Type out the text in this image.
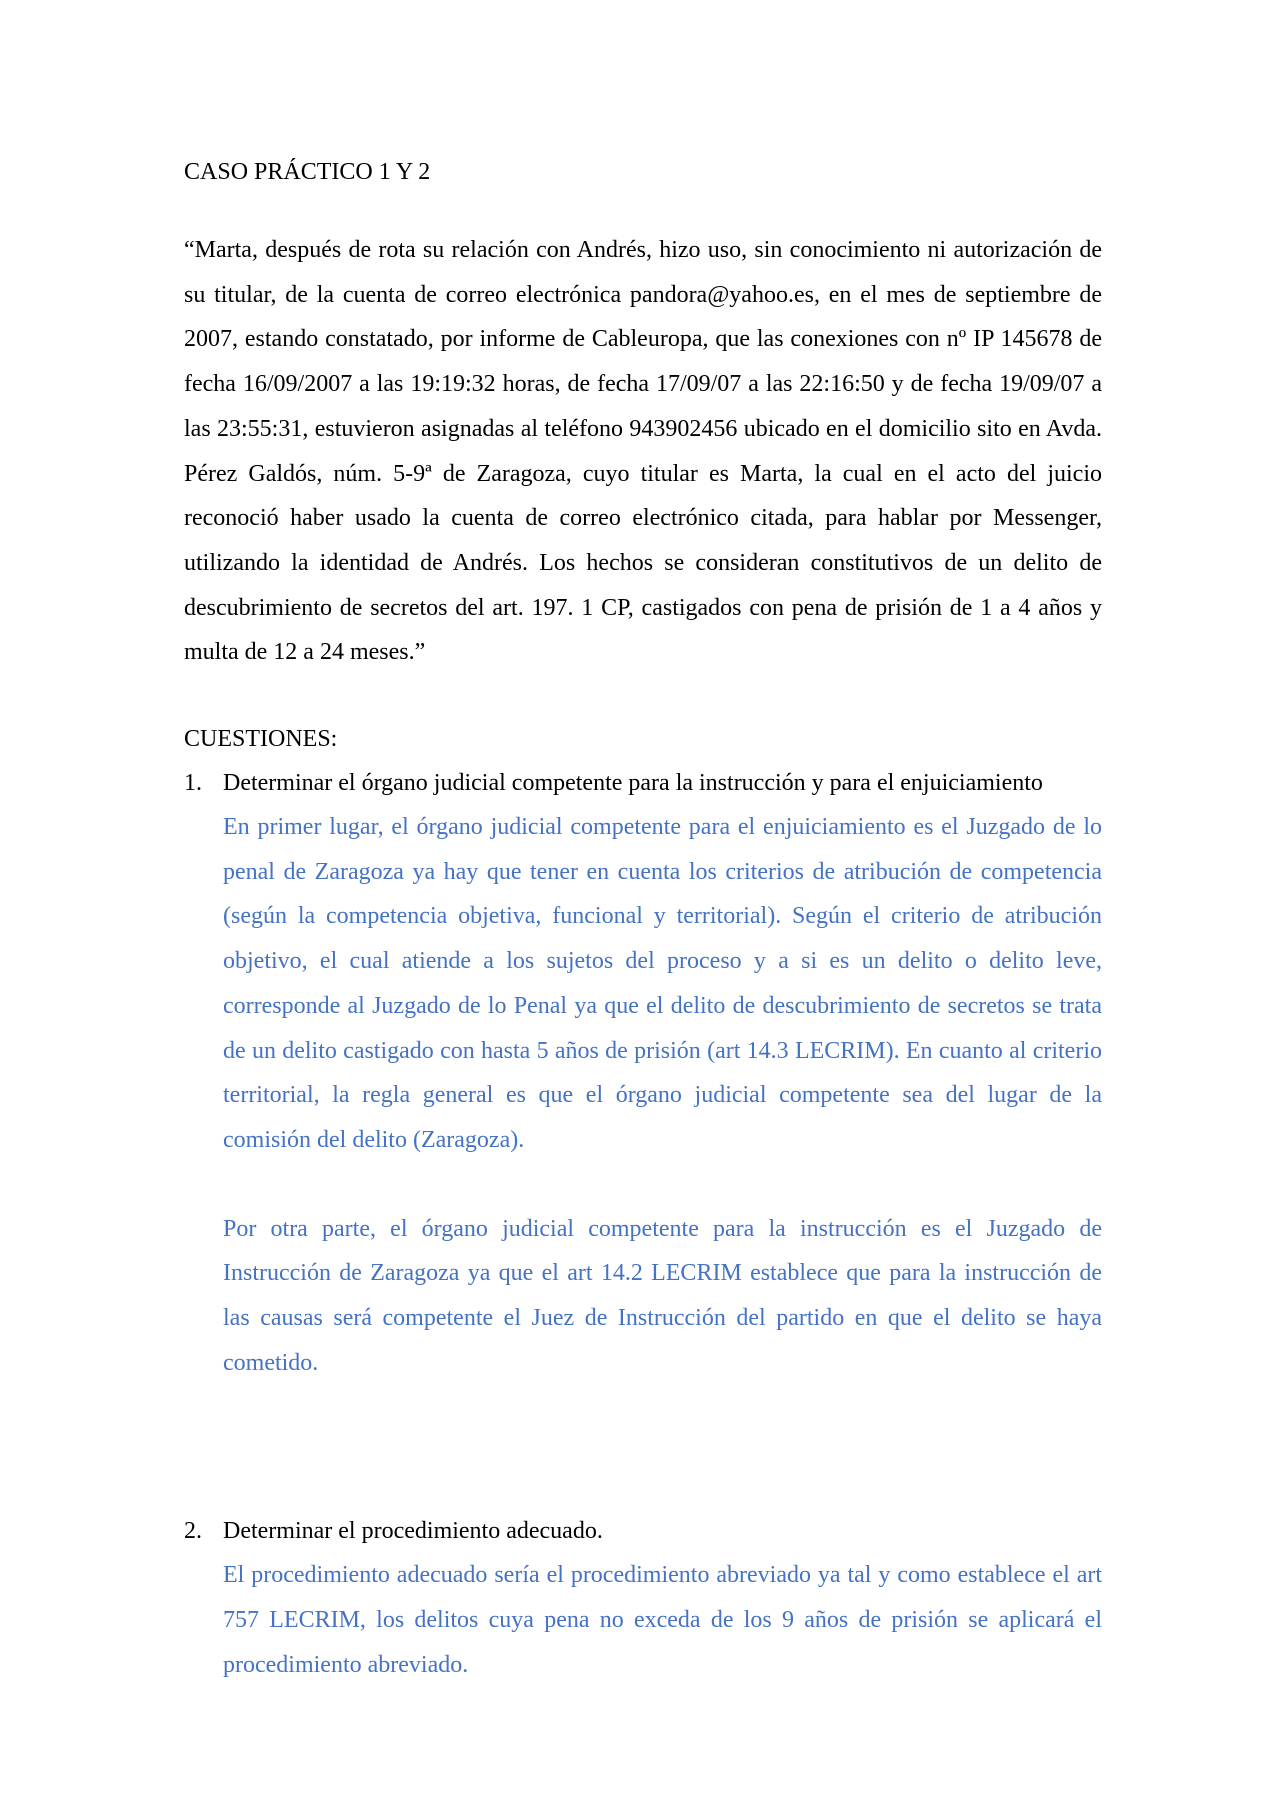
CASO PRÁCTICO 1 Y 2

“Marta, después de rota su relación con Andrés, hizo uso, sin conocimiento ni autorización de su titular, de la cuenta de correo electrónica pandora@yahoo.es, en el mes de septiembre de 2007, estando constatado, por informe de Cableuropa, que las conexiones con nº IP 145678 de fecha 16/09/2007 a las 19:19:32 horas, de fecha 17/09/07 a las 22:16:50 y de fecha 19/09/07 a las 23:55:31, estuvieron asignadas al teléfono 943902456 ubicado en el domicilio sito en Avda. Pérez Galdós, núm. 5-9ª de Zaragoza, cuyo titular es Marta, la cual en el acto del juicio reconoció haber usado la cuenta de correo electrónico citada, para hablar por Messenger, utilizando la identidad de Andrés. Los hechos se consideran constitutivos de un delito de descubrimiento de secretos del art. 197. 1 CP, castigados con pena de prisión de 1 a 4 años y multa de 12 a 24 meses.”
CUESTIONES:
1. Determinar el órgano judicial competente para la instrucción y para el enjuiciamiento

En primer lugar, el órgano judicial competente para el enjuiciamiento es el Juzgado de lo penal de Zaragoza ya hay que tener en cuenta los criterios de atribución de competencia (según la competencia objetiva, funcional y territorial). Según el criterio de atribución objetivo, el cual atiende a los sujetos del proceso y a si es un delito o delito leve, corresponde al Juzgado de lo Penal ya que el delito de descubrimiento de secretos se trata de un delito castigado con hasta 5 años de prisión (art 14.3 LECRIM). En cuanto al criterio territorial, la regla general es que el órgano judicial competente sea del lugar de la comisión del delito (Zaragoza).

Por otra parte, el órgano judicial competente para la instrucción es el Juzgado de Instrucción de Zaragoza ya que el art 14.2 LECRIM establece que para la instrucción de las causas será competente el Juez de Instrucción del partido en que el delito se haya cometido.

2. Determinar el procedimiento adecuado.

El procedimiento adecuado sería el procedimiento abreviado ya tal y como establece el art 757 LECRIM, los delitos cuya pena no exceda de los 9 años de prisión se aplicará el procedimiento abreviado.
